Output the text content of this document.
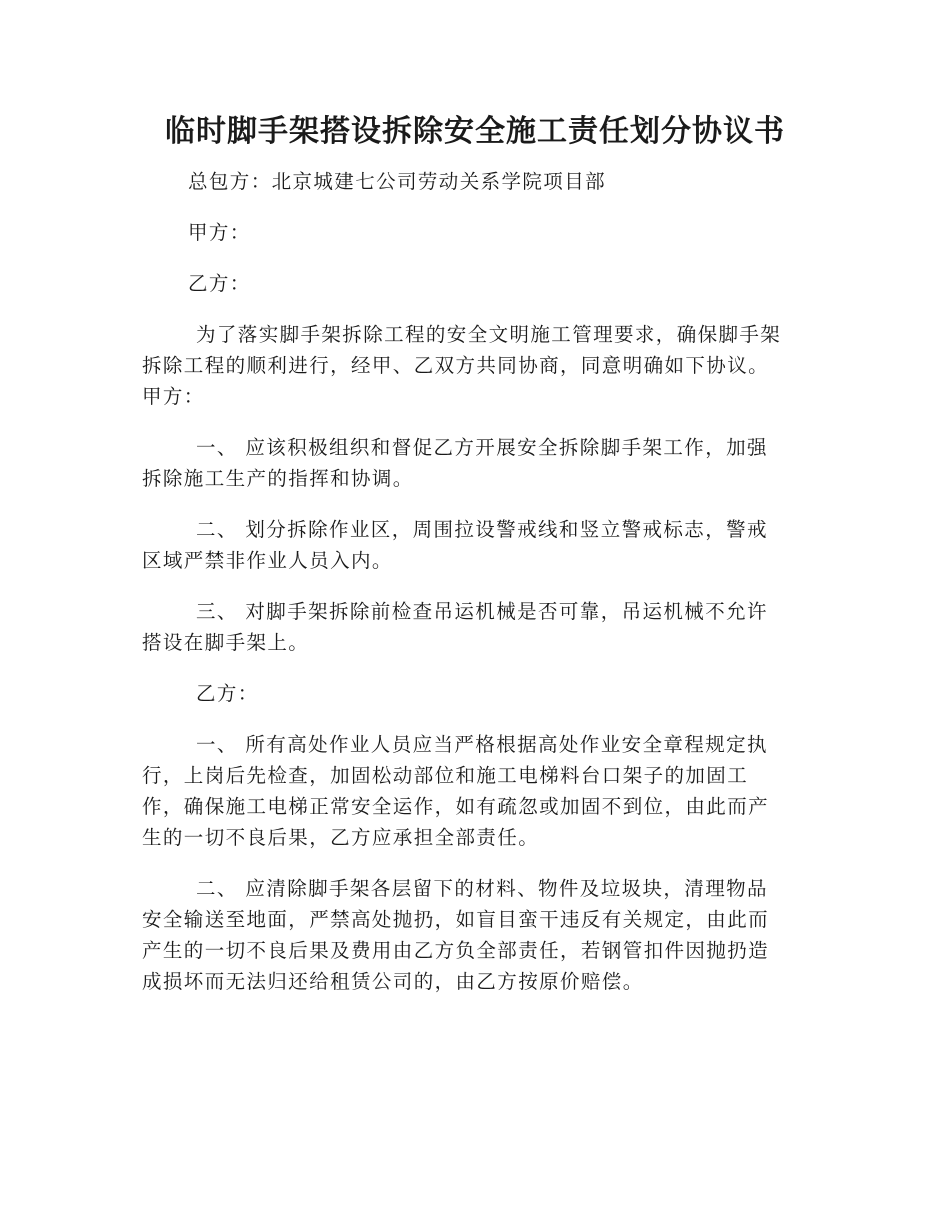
临时脚手架搭设拆除安全施工责任划分协议书
总包方：北京城建七公司劳动关系学院项目部
甲方：
乙方：
为了落实脚手架拆除工程的安全文明施工管理要求，确保脚手架
拆除工程的顺利进行，经甲、乙双方共同协商，同意明确如下协议。
甲方：
一、 应该积极组织和督促乙方开展安全拆除脚手架工作，加强
拆除施工生产的指挥和协调。
二、 划分拆除作业区，周围拉设警戒线和竖立警戒标志，警戒
区域严禁非作业人员入内。
三、 对脚手架拆除前检查吊运机械是否可靠，吊运机械不允许
搭设在脚手架上。
乙方：
一、 所有高处作业人员应当严格根据高处作业安全章程规定执
行，上岗后先检查，加固松动部位和施工电梯料台口架子的加固工
作，确保施工电梯正常安全运作，如有疏忽或加固不到位，由此而产
生的一切不良后果，乙方应承担全部责任。
二、 应清除脚手架各层留下的材料、物件及垃圾块，清理物品
安全输送至地面，严禁高处抛扔，如盲目蛮干违反有关规定，由此而
产生的一切不良后果及费用由乙方负全部责任，若钢管扣件因抛扔造
成损坏而无法归还给租赁公司的，由乙方按原价赔偿。
